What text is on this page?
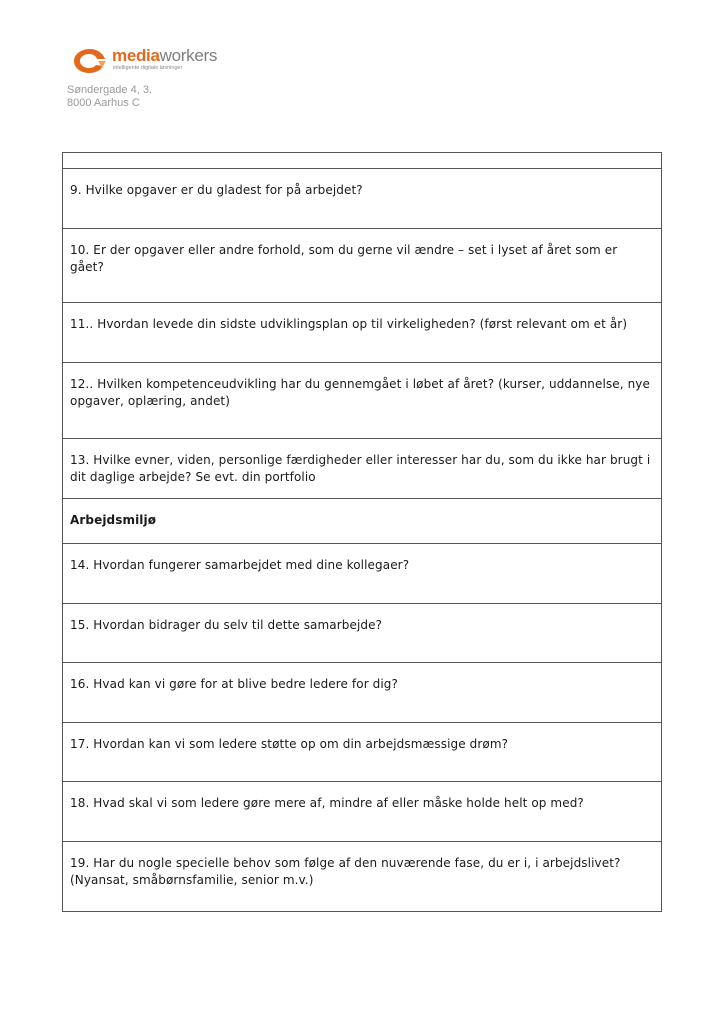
mediaworkers
intelligente digitale løsninger
Søndergade 4, 3.
8000 Aarhus C

9. Hvilke opgaver er du gladest for på arbejdet?

10. Er der opgaver eller andre forhold, som du gerne vil ændre – set i lyset af året som er gået?

11.. Hvordan levede din sidste udviklingsplan op til virkeligheden? (først relevant om et år)

12.. Hvilken kompetenceudvikling har du gennemgået i løbet af året? (kurser, uddannelse, nye opgaver, oplæring, andet)

13. Hvilke evner, viden, personlige færdigheder eller interesser har du, som du ikke har brugt i dit daglige arbejde? Se evt. din portfolio

Arbejdsmiljø

14. Hvordan fungerer samarbejdet med dine kollegaer?

15. Hvordan bidrager du selv til dette samarbejde?

16. Hvad kan vi gøre for at blive bedre ledere for dig?

17. Hvordan kan vi som ledere støtte op om din arbejdsmæssige drøm?

18. Hvad skal vi som ledere gøre mere af, mindre af eller måske holde helt op med?

19. Har du nogle specielle behov som følge af den nuværende fase, du er i, i arbejdslivet? (Nyansat, småbørnsfamilie, senior m.v.)
